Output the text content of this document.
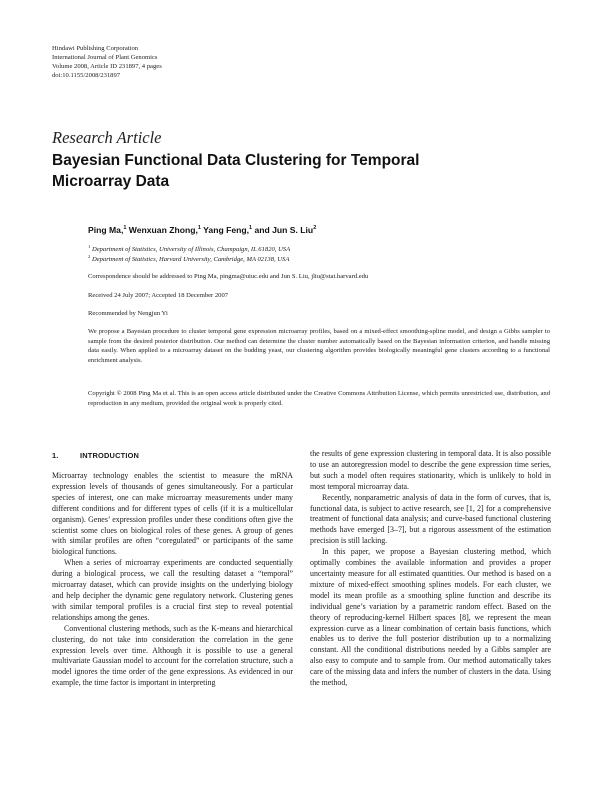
Hindawi Publishing Corporation
International Journal of Plant Genomics
Volume 2008, Article ID 231897, 4 pages
doi:10.1155/2008/231897
Research Article
Bayesian Functional Data Clustering for Temporal Microarray Data
Ping Ma,$^1$ Wenxuan Zhong,$^1$ Yang Feng,$^1$ and Jun S. Liu$^2$
$^1$ Department of Statistics, University of Illinois, Champaign, IL 61820, USA
$^2$ Department of Statistics, Harvard University, Cambridge, MA 02138, USA
Correspondence should be addressed to Ping Ma, pingma@uiuc.edu and Jun S. Liu, jliu@stat.harvard.edu
Received 24 July 2007; Accepted 18 December 2007
Recommended by Nengjun Yi
We propose a Bayesian procedure to cluster temporal gene expression microarray profiles, based on a mixed-effect smoothing-spline model, and design a Gibbs sampler to sample from the desired posterior distribution. Our method can determine the cluster number automatically based on the Bayesian information criterion, and handle missing data easily. When applied to a microarray dataset on the budding yeast, our clustering algorithm provides biologically meaningful gene clusters according to a functional enrichment analysis.
Copyright © 2008 Ping Ma et al. This is an open access article distributed under the Creative Commons Attribution License, which permits unrestricted use, distribution, and reproduction in any medium, provided the original work is properly cited.
1.	INTRODUCTION

Microarray technology enables the scientist to measure the mRNA expression levels of thousands of genes simultaneously. For a particular species of interest, one can make microarray measurements under many different conditions and for different types of cells (if it is a multicellular organism). Genes’ expression profiles under these conditions often give the scientist some clues on biological roles of these genes. A group of genes with similar profiles are often “coregulated” or participants of the same biological functions.

When a series of microarray experiments are conducted sequentially during a biological process, we call the resulting dataset a “temporal” microarray dataset, which can provide insights on the underlying biology and help decipher the dynamic gene regulatory network. Clustering genes with similar temporal profiles is a crucial first step to reveal potential relationships among the genes.

Conventional clustering methods, such as the K-means and hierarchical clustering, do not take into consideration the correlation in the gene expression levels over time. Although it is possible to use a general multivariate Gaussian model to account for the correlation structure, such a model ignores the time order of the gene expressions. As evidenced in our example, the time factor is important in interpreting

the results of gene expression clustering in temporal data. It is also possible to use an autoregression model to describe the gene expression time series, but such a model often requires stationarity, which is unlikely to hold in most temporal microarray data.

Recently, nonparametric analysis of data in the form of curves, that is, functional data, is subject to active research, see [1, 2] for a comprehensive treatment of functional data analysis; and curve-based functional clustering methods have emerged [3–7], but a rigorous assessment of the estimation precision is still lacking.

In this paper, we propose a Bayesian clustering method, which optimally combines the available information and provides a proper uncertainty measure for all estimated quantities. Our method is based on a mixture of mixed-effect smoothing splines models. For each cluster, we model its mean profile as a smoothing spline function and describe its individual gene’s variation by a parametric random effect. Based on the theory of reproducing-kernel Hilbert spaces [8], we represent the mean expression curve as a linear combination of certain basis functions, which enables us to derive the full posterior distribution up to a normalizing constant. All the conditional distributions needed by a Gibbs sampler are also easy to compute and to sample from. Our method automatically takes care of the missing data and infers the number of clusters in the data. Using the method,
